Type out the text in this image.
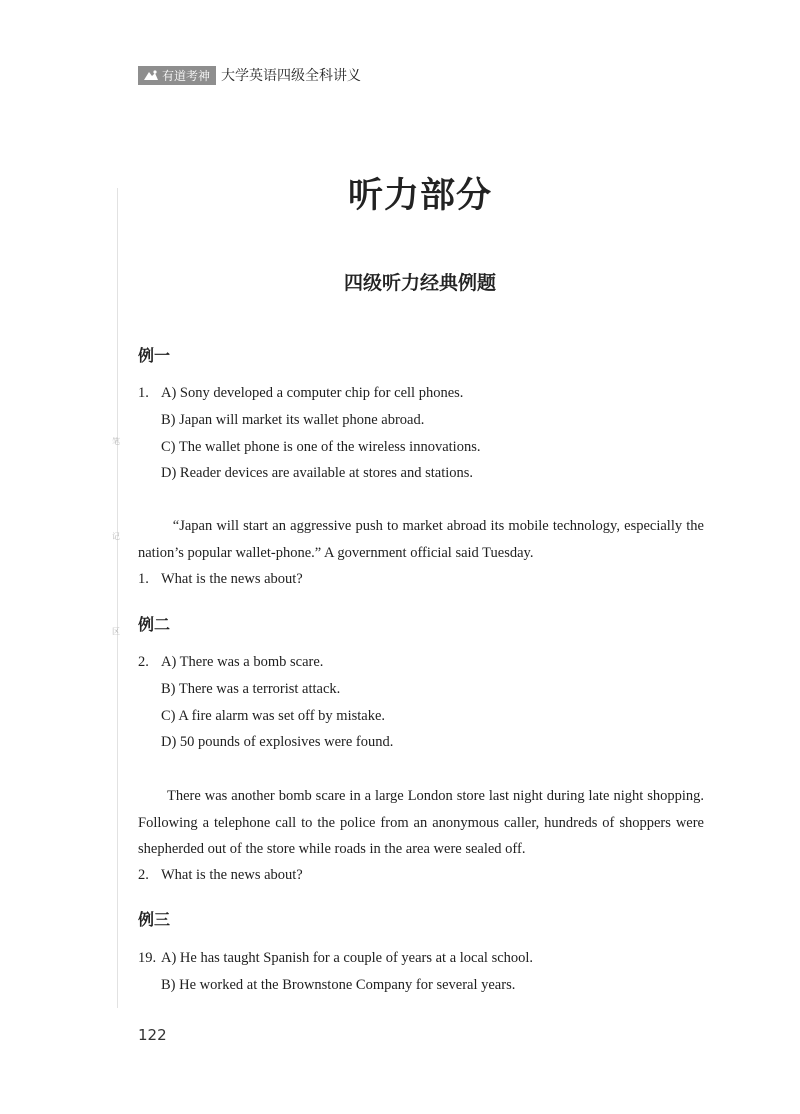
有道考神 大学英语四级全科讲义
笔
记
区
听力部分
四级听力经典例题
例一
1. A) Sony developed a computer chip for cell phones.
B) Japan will market its wallet phone abroad.
C) The wallet phone is one of the wireless innovations.
D) Reader devices are available at stores and stations.

“Japan will start an aggressive push to market abroad its mobile technology, especially the nation’s popular wallet-phone.” A government official said Tuesday.

1. What is the news about?
例二
2. A) There was a bomb scare.
B) There was a terrorist attack.
C) A fire alarm was set off by mistake.
D) 50 pounds of explosives were found.

There was another bomb scare in a large London store last night during late night shopping. Following a telephone call to the police from an anonymous caller, hundreds of shoppers were shepherded out of the store while roads in the area were sealed off.

2. What is the news about?
例三
19. A) He has taught Spanish for a couple of years at a local school.
B) He worked at the Brownstone Company for several years.
122
